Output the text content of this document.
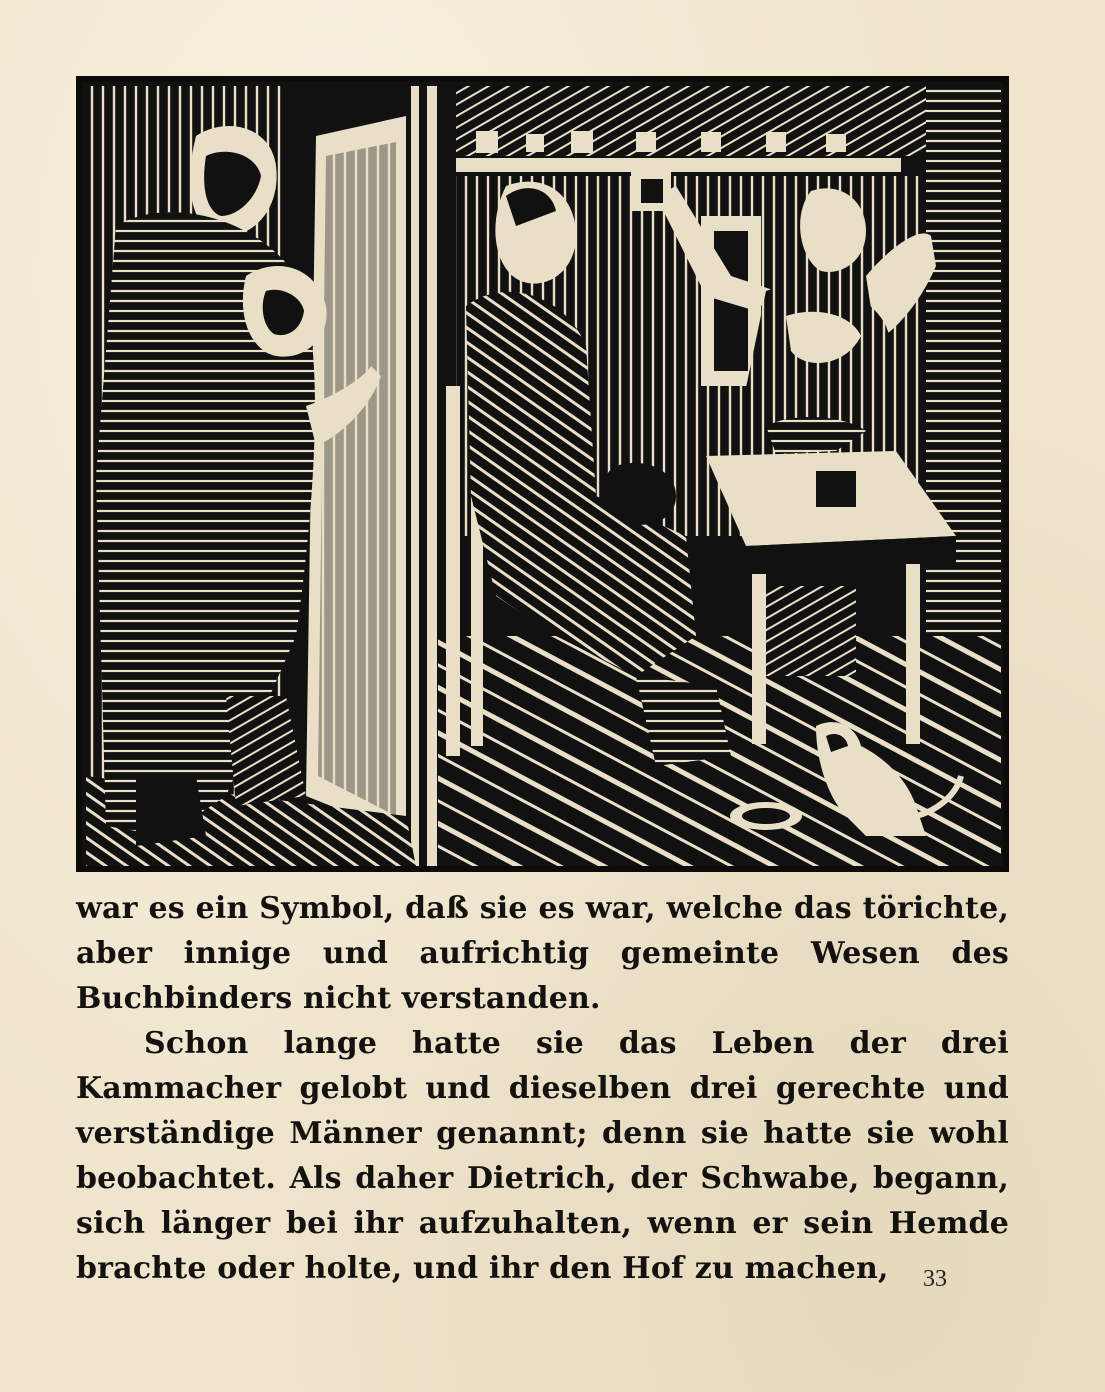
war es ein Symbol, daß sie es war, welche das törichte, aber innige und aufrichtig gemeinte Wesen des Buchbinders nicht verstanden.

Schon lange hatte sie das Leben der drei Kammacher gelobt und dieselben drei gerechte und verständige Männer genannt; denn sie hatte sie wohl beobachtet. Als daher Dietrich, der Schwabe, begann, sich länger bei ihr aufzuhalten, wenn er sein Hemde brachte oder holte, und ihr den Hof zu machen,	33
